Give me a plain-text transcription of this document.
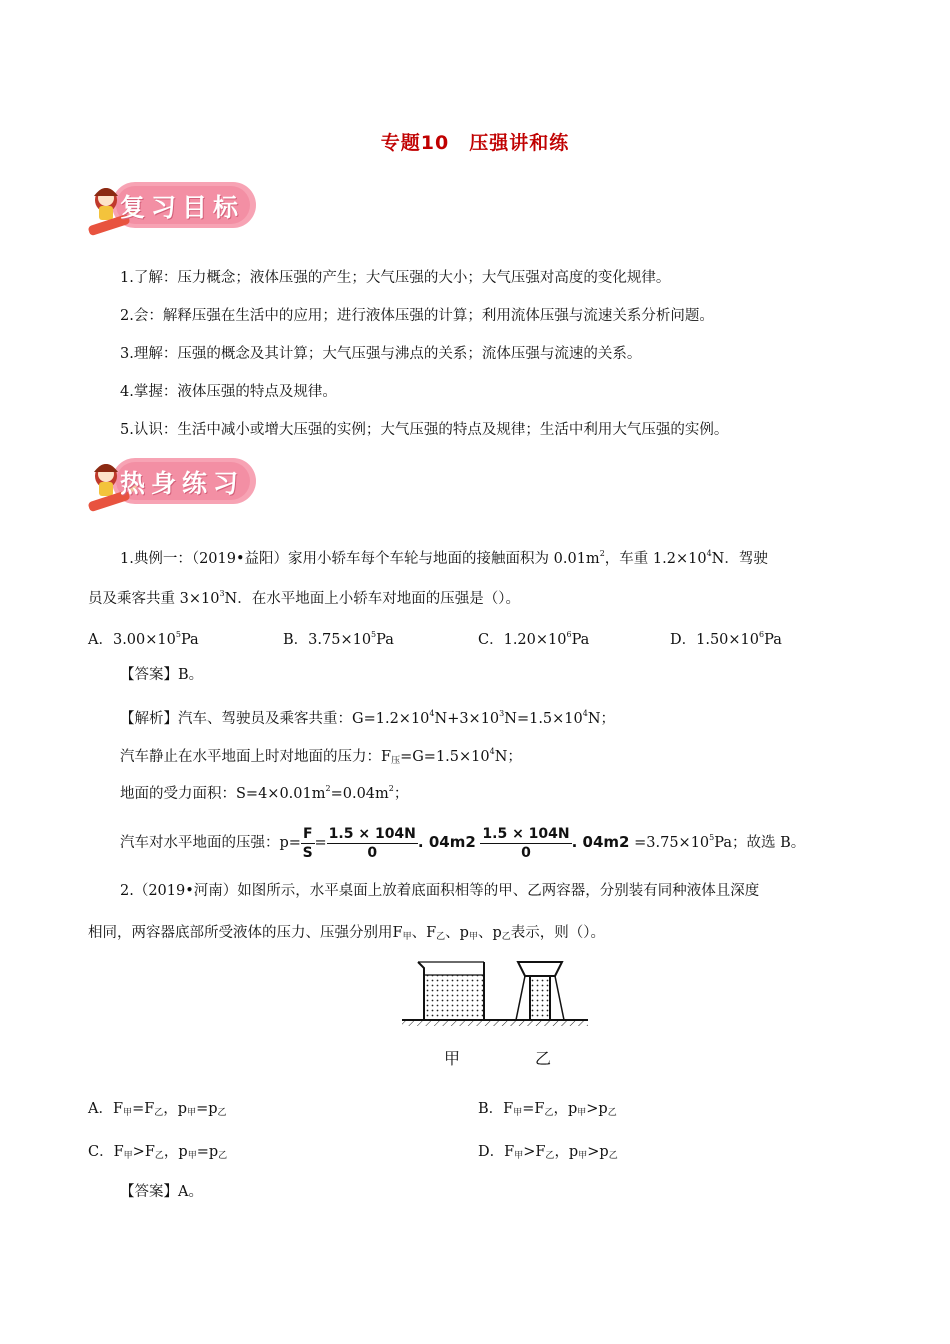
专题10　压强讲和练
复习目标
1.了解：压力概念；液体压强的产生；大气压强的大小；大气压强对高度的变化规律。
2.会：解释压强在生活中的应用；进行液体压强的计算；利用流体压强与流速关系分析问题。
3.理解：压强的概念及其计算；大气压强与沸点的关系；流体压强与流速的关系。
4.掌握：液体压强的特点及规律。
5.认识：生活中减小或增大压强的实例；大气压强的特点及规律；生活中利用大气压强的实例。
热身练习
1.典例一：（2019•益阳）家用小轿车每个车轮与地面的接触面积为 $0.01m^2$，车重 $1.2\times 10^4N$．驾驶
员及乘客共重 $3\times 10^3N$．在水平地面上小轿车对地面的压强是（）。
A．$3.00\times 10^5Pa$	B．$3.75\times 10^5Pa$	C．$1.20\times 10^6Pa$	D．$1.50\times 10^6Pa$
【答案】B。
【解析】汽车、驾驶员及乘客共重：$G=1.2\times 10^4N+3\times 10^3N=1.5\times 10^4N$；
汽车静止在水平地面上时对地面的压力：$F_压=G=1.5\times 10^4N$；
地面的受力面积：$S=4\times 0.01m^2=0.04m^2$；
汽车对水平地面的压强：$p= \frac{F}{S} = \frac{1.5 \times 104N}{0}$ . $04m2 \frac{1.5 \times 104N}{0}$ . $04m2 =3.75\times 10^5Pa$；故选 B。
2.（2019•河南）如图所示，水平桌面上放着底面积相等的甲、乙两容器，分别装有同种液体且深度
相同，两容器底部所受液体的压力、压强分别用$F_甲$、$F_乙$、$p_甲$、$p_乙$表示，则（）。
甲	乙
A．$F_甲=F_乙$，$p_甲=p_乙$	B．$F_甲=F_乙$，$p_甲>p_乙$
C．$F_甲>F_乙$，$p_甲=p_乙$	D．$F_甲>F_乙$，$p_甲>p_乙$
【答案】A。
